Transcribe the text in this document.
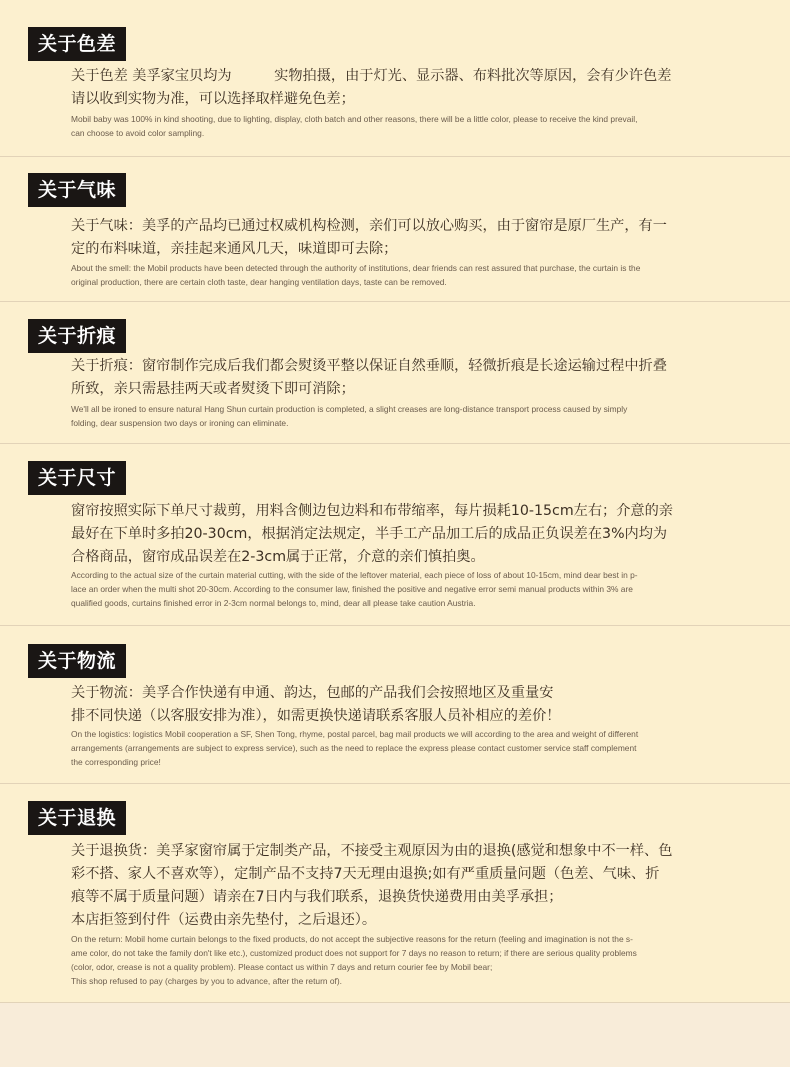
关于色差

关于色差 美孚家宝贝均为　　　实物拍摄，由于灯光、显示器、布料批次等原因，会有少许色差
请以收到实物为准，可以选择取样避免色差；

Mobil baby was 100% in kind shooting, due to lighting, display, cloth batch and other reasons, there will be a little color, please to receive the kind prevail,
can choose to avoid color sampling.

关于气味

关于气味：美孚的产品均已通过权威机构检测，亲们可以放心购买，由于窗帘是原厂生产，有一
定的布料味道，亲挂起来通风几天，味道即可去除；

About the smell: the Mobil products have been detected through the authority of institutions, dear friends can rest assured that purchase, the curtain is the
original production, there are certain cloth taste, dear hanging ventilation days, taste can be removed.

关于折痕

关于折痕：窗帘制作完成后我们都会熨烫平整以保证自然垂顺，轻微折痕是长途运输过程中折叠
所致，亲只需悬挂两天或者熨烫下即可消除；

We'll all be ironed to ensure natural Hang Shun curtain production is completed, a slight creases are long-distance transport process caused by simply
folding, dear suspension two days or ironing can eliminate.

关于尺寸

窗帘按照实际下单尺寸裁剪，用料含侧边包边料和布带缩率，每片损耗10-15cm左右；介意的亲
最好在下单时多拍20-30cm，根据消定法规定，半手工产品加工后的成品正负误差在3%内均为
合格商品，窗帘成品误差在2-3cm属于正常，介意的亲们慎拍奥。

According to the actual size of the curtain material cutting, with the side of the leftover material, each piece of loss of about 10-15cm, mind dear best in p-
lace an order when the multi shot 20-30cm. According to the consumer law, finished the positive and negative error semi manual products within 3% are
qualified goods, curtains finished error in 2-3cm normal belongs to, mind, dear all please take caution Austria.

关于物流

关于物流：美孚合作快递有申通、韵达，包邮的产品我们会按照地区及重量安
排不同快递（以客服安排为准），如需更换快递请联系客服人员补相应的差价！

On the logistics: logistics Mobil cooperation a SF, Shen Tong, rhyme, postal parcel, bag mail products we will according to the area and weight of different
arrangements (arrangements are subject to express service), such as the need to replace the express please contact customer service staff complement
the corresponding price!

关于退换

关于退换货：美孚家窗帘属于定制类产品，不接受主观原因为由的退换(感觉和想象中不一样、色
彩不搭、家人不喜欢等），定制产品不支持7天无理由退换;如有严重质量问题（色差、气味、折
痕等不属于质量问题）请亲在7日内与我们联系，退换货快递费用由美孚承担；
本店拒签到付件（运费由亲先垫付，之后退还）。

On the return: Mobil home curtain belongs to the fixed products, do not accept the subjective reasons for the return (feeling and imagination is not the s-
ame color, do not take the family don't like etc.), customized product does not support for 7 days no reason to return; if there are serious quality problems
(color, odor, crease is not a quality problem). Please contact us within 7 days and return courier fee by Mobil bear;
This shop refused to pay (charges by you to advance, after the return of).
